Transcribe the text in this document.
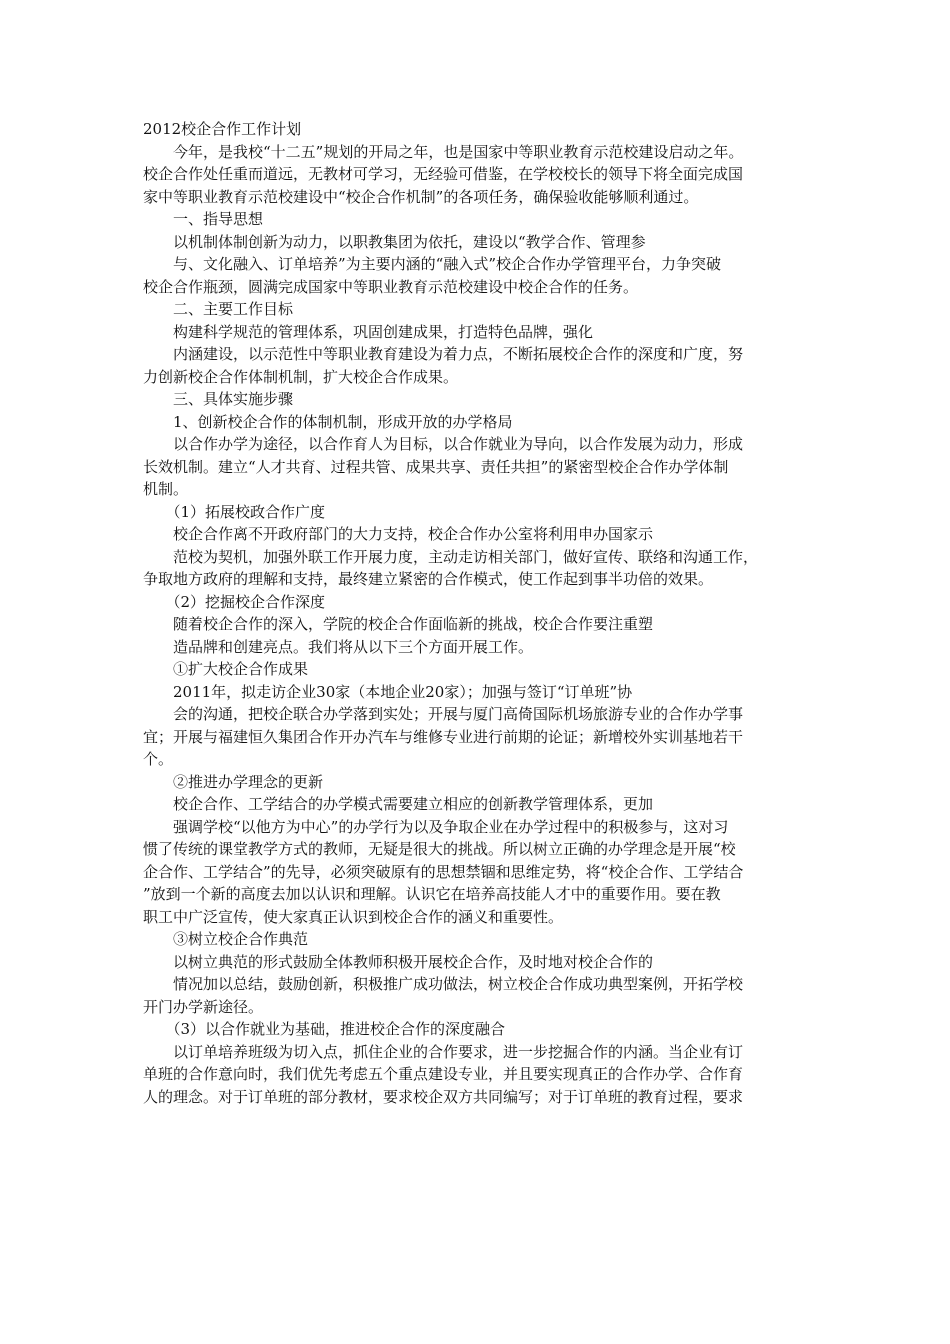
2012校企合作工作计划

　　今年，是我校“十二五”规划的开局之年，也是国家中等职业教育示范校建设启动之年。

校企合作处任重而道远，无教材可学习，无经验可借鉴，在学校校长的领导下将全面完成国

家中等职业教育示范校建设中“校企合作机制”的各项任务，确保验收能够顺利通过。

　　一、指导思想

　　以机制体制创新为动力，以职教集团为依托，建设以“教学合作、管理参

　　与、文化融入、订单培养”为主要内涵的“融入式”校企合作办学管理平台，力争突破

校企合作瓶颈，圆满完成国家中等职业教育示范校建设中校企合作的任务。

　　二、主要工作目标

　　构建科学规范的管理体系，巩固创建成果，打造特色品牌，强化

　　内涵建设，以示范性中等职业教育建设为着力点，不断拓展校企合作的深度和广度，努

力创新校企合作体制机制，扩大校企合作成果。

　　三、具体实施步骤

　　1、创新校企合作的体制机制，形成开放的办学格局

　　以合作办学为途径，以合作育人为目标，以合作就业为导向，以合作发展为动力，形成

长效机制。建立“人才共育、过程共管、成果共享、责任共担”的紧密型校企合作办学体制

机制。

　　（1）拓展校政合作广度

　　校企合作离不开政府部门的大力支持，校企合作办公室将利用申办国家示

　　范校为契机，加强外联工作开展力度，主动走访相关部门，做好宣传、联络和沟通工作，

争取地方政府的理解和支持，最终建立紧密的合作模式，使工作起到事半功倍的效果。

　　（2）挖掘校企合作深度

　　随着校企合作的深入，学院的校企合作面临新的挑战，校企合作要注重塑

　　造品牌和创建亮点。我们将从以下三个方面开展工作。

　　①扩大校企合作成果

　　2011年，拟走访企业30家（本地企业20家）；加强与签订“订单班”协

　　会的沟通，把校企联合办学落到实处；开展与厦门高倚国际机场旅游专业的合作办学事

宜；开展与福建恒久集团合作开办汽车与维修专业进行前期的论证；新增校外实训基地若干

个。

　　②推进办学理念的更新

　　校企合作、工学结合的办学模式需要建立相应的创新教学管理体系，更加

　　强调学校“以他方为中心”的办学行为以及争取企业在办学过程中的积极参与，这对习

惯了传统的课堂教学方式的教师，无疑是很大的挑战。所以树立正确的办学理念是开展“校

企合作、工学结合”的先导，必须突破原有的思想禁锢和思维定势，将“校企合作、工学结合

”放到一个新的高度去加以认识和理解。认识它在培养高技能人才中的重要作用。要在教

职工中广泛宣传，使大家真正认识到校企合作的涵义和重要性。

　　③树立校企合作典范

　　以树立典范的形式鼓励全体教师积极开展校企合作，及时地对校企合作的

　　情况加以总结，鼓励创新，积极推广成功做法，树立校企合作成功典型案例，开拓学校

开门办学新途径。

　　（3）以合作就业为基础，推进校企合作的深度融合

　　以订单培养班级为切入点，抓住企业的合作要求，进一步挖掘合作的内涵。当企业有订

单班的合作意向时，我们优先考虑五个重点建设专业，并且要实现真正的合作办学、合作育

人的理念。对于订单班的部分教材，要求校企双方共同编写；对于订单班的教育过程，要求
